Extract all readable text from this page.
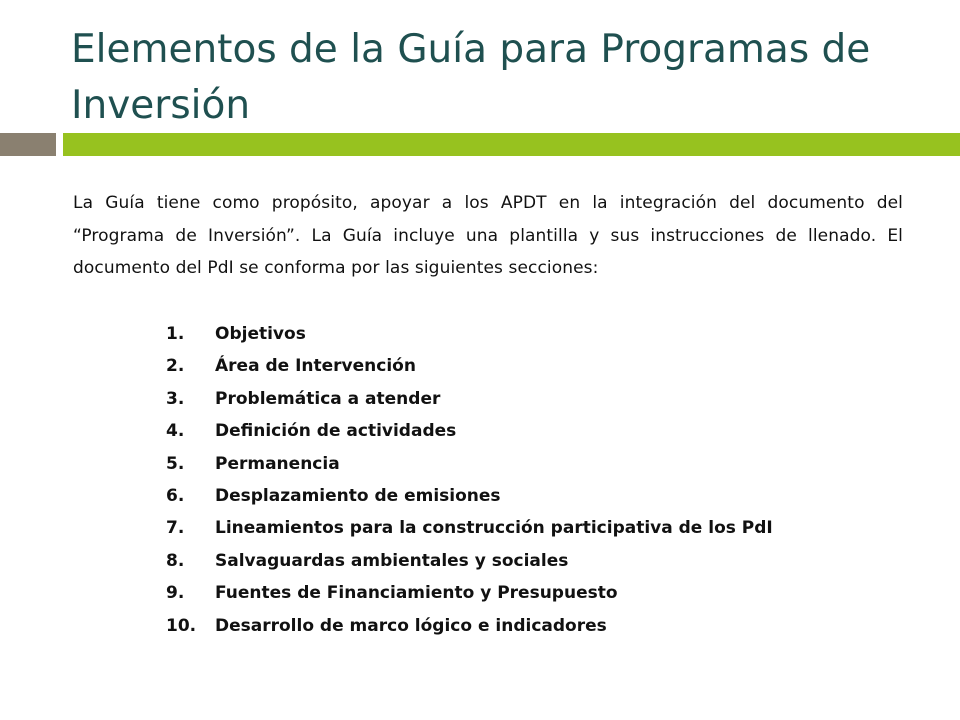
Elementos de la Guía para Programas de Inversión

La Guía tiene como propósito, apoyar a los APDT en la integración del documento del “Programa de Inversión”. La Guía incluye una plantilla y sus instrucciones de llenado. El documento del PdI se conforma por las siguientes secciones:

1.	Objetivos
2.	Área de Intervención
3.	Problemática a atender
4.	Definición de actividades
5.	Permanencia
6.	Desplazamiento de emisiones
7.	Lineamientos para la construcción participativa de los PdI
8.	Salvaguardas ambientales y sociales
9.	Fuentes de Financiamiento y Presupuesto
10.	Desarrollo de marco lógico e indicadores
